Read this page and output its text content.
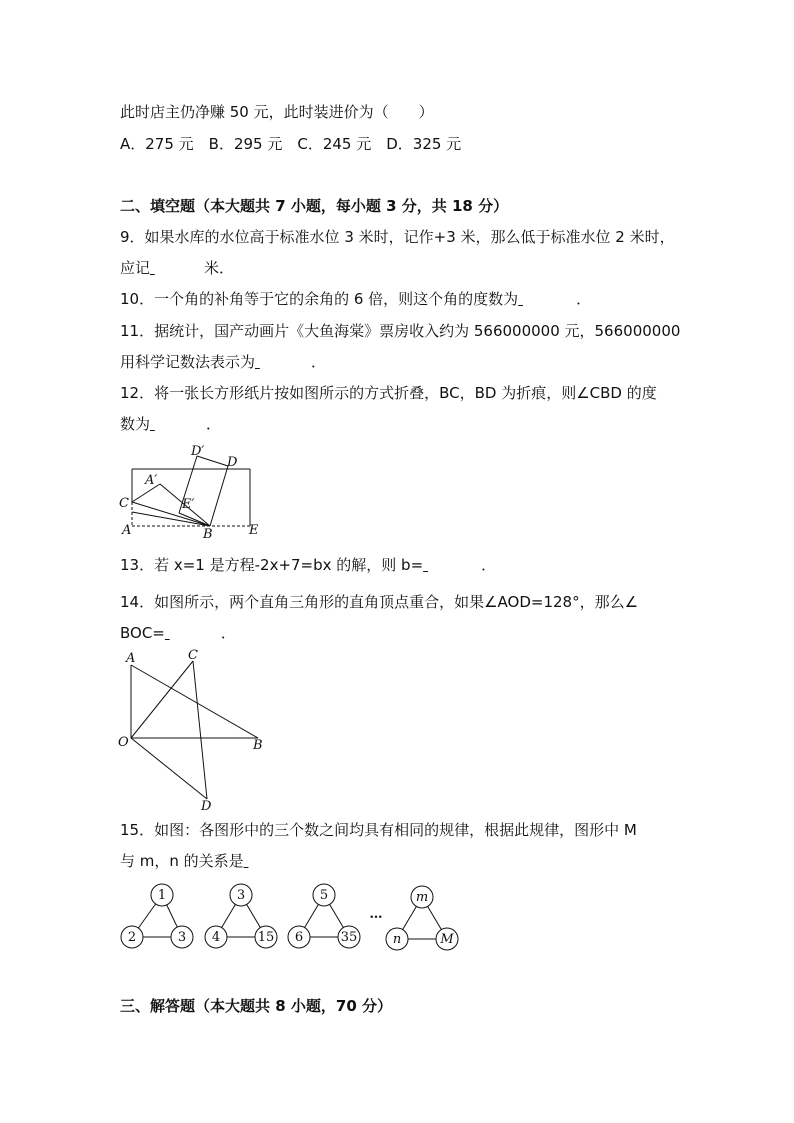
此时店主仍净赚 50 元，此时装进价为（　　）
A．275 元　B．295 元　C．245 元　D．325 元
二、填空题（本大题共 7 小题，每小题 3 分，共 18 分）
9．如果水库的水位高于标准水位 3 米时，记作+3 米，那么低于标准水位 2 米时，
应记	米．
10．一个角的补角等于它的余角的 6 倍，则这个角的度数为	．
11．据统计，国产动画片《大鱼海棠》票房收入约为 566000000 元，566000000
用科学记数法表示为	．
12．将一张长方形纸片按如图所示的方式折叠，BC，BD 为折痕，则∠CBD 的度
数为	．
D′
D
A′
C	E′
A	B	E
13．若 x=1 是方程-2x+7=bx 的解，则 b=	．
14．如图所示，两个直角三角形的直角顶点重合，如果∠AOD=128°，那么∠
BOC=	．
A	C
O	B
D
15．如图：各图形中的三个数之间均具有相同的规律，根据此规律，图形中 M
与 m，n 的关系是
1
2	3
3
4	15
5
6	35
…
m
n	M
三、解答题（本大题共 8 小题，70 分）
